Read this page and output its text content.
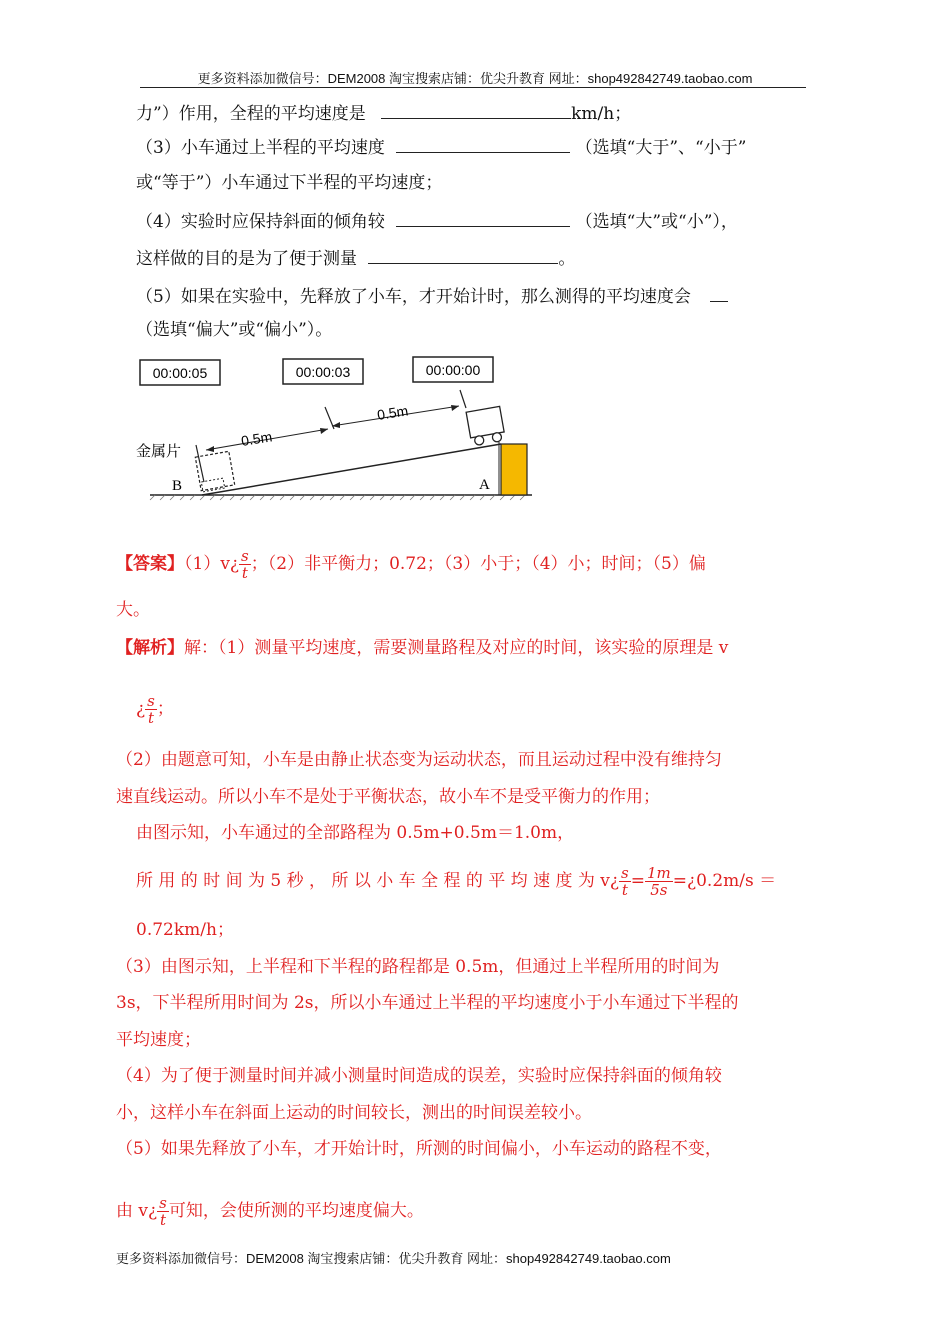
更多资料添加微信号：DEM2008 淘宝搜索店铺：优尖升教育 网址：shop492842749.taobao.com
力”）作用，全程的平均速度是	km/h；
（3）小车通过上半程的平均速度	（选填“大于”、“小于”
或“等于”）小车通过下半程的平均速度；
（4）实验时应保持斜面的倾角较	（选填“大”或“小”），
这样做的目的是为了便于测量	。
（5）如果在实验中，先释放了小车，才开始计时，那么测得的平均速度会
（选填“偏大”或“偏小”）。
00:00:05	00:00:03	00:00:00
0.5m
0.5m
金属片
B	A
【答案】（1）v¿ $\frac{s}{t}$ ；（2）非平衡力；0.72；（3）小于；（4）小；时间；（5）偏
大。
【解析】解：（1）测量平均速度，需要测量路程及对应的时间，该实验的原理是 v
¿ $\frac{s}{t}$ ；
（2）由题意可知，小车是由静止状态变为运动状态，而且运动过程中没有维持匀
速直线运动。所以小车不是处于平衡状态，故小车不是受平衡力的作用；
由图示知，小车通过的全部路程为 0.5m+0.5m＝1.0m，
所 用 的 时 间 为 5 秒 ， 所 以 小 车 全 程 的 平 均 速 度 为 v¿ $\frac{s}{t} = \frac{1m}{5s}$ =¿0.2m/s ＝
0.72km/h；
（3）由图示知，上半程和下半程的路程都是 0.5m，但通过上半程所用的时间为
3s，下半程所用时间为 2s，所以小车通过上半程的平均速度小于小车通过下半程的
平均速度；
（4）为了便于测量时间并减小测量时间造成的误差，实验时应保持斜面的倾角较
小，这样小车在斜面上运动的时间较长，测出的时间误差较小。
（5）如果先释放了小车，才开始计时，所测的时间偏小，小车运动的路程不变，
由 v¿ $\frac{s}{t}$ 可知，会使所测的平均速度偏大。
更多资料添加微信号：DEM2008 淘宝搜索店铺：优尖升教育 网址：shop492842749.taobao.com
